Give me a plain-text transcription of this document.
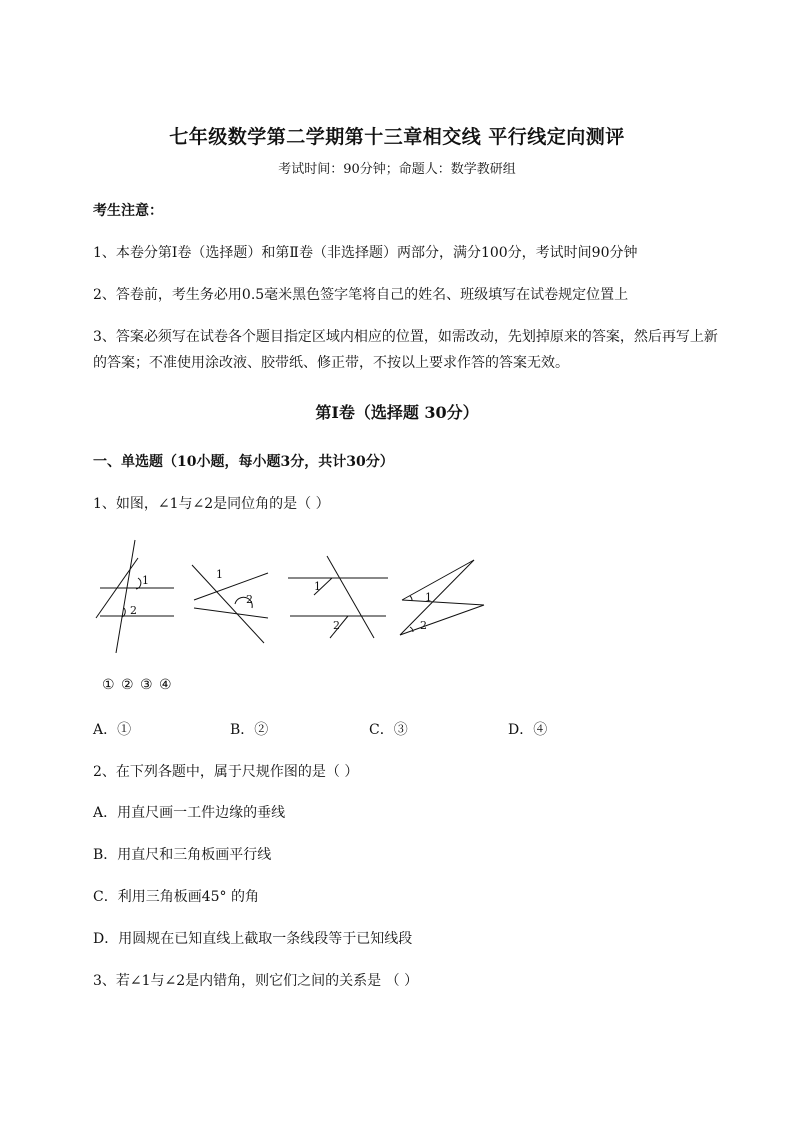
七年级数学第二学期第十三章相交线 平行线定向测评
考试时间：90分钟；命题人：数学教研组
考生注意：
1、本卷分第Ⅰ卷（选择题）和第Ⅱ卷（非选择题）两部分，满分100分，考试时间90分钟
2、答卷前，考生务必用0.5毫米黑色签字笔将自己的姓名、班级填写在试卷规定位置上
3、答案必须写在试卷各个题目指定区域内相应的位置，如需改动，先划掉原来的答案，然后再写上新
的答案；不准使用涂改液、胶带纸、修正带，不按以上要求作答的答案无效。
第Ⅰ卷（选择题 30分）
一、单选题（10小题，每小题3分，共计30分）
1、如图，∠1与∠2是同位角的是（ ）
1
2
1
2
1
2
1
2
① ② ③ ④
A．①	B．②	C．③	D．④
2、在下列各题中，属于尺规作图的是（ ）
A．用直尺画一工件边缘的垂线
B．用直尺和三角板画平行线
C．利用三角板画45° 的角
D．用圆规在已知直线上截取一条线段等于已知线段
3、若∠1与∠2是内错角，则它们之间的关系是 （ ）
